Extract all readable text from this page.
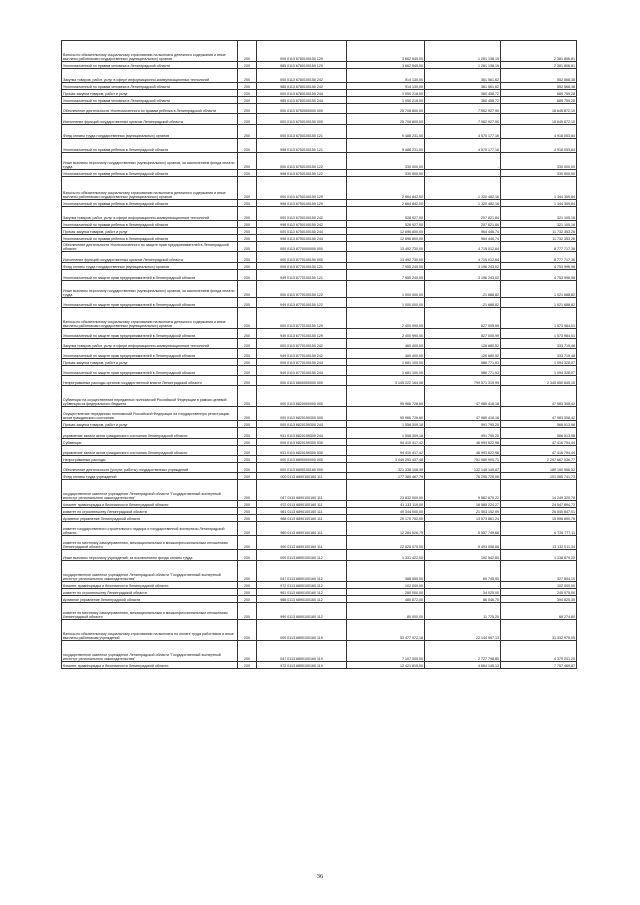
Взносы по обязательному социальному страхованию на выплаты денежного содержания и иные выплаты работникам государственных (муниципальных) органов	200	000 0113 6780100150 129	3 662 945,00	1 281 138,19	2 381 806,81
Уполномоченный по правам человека в Ленинградской области	200	985 0113 6780100150 129	3 662 945,00	1 281 138,19	2 381 806,81
Закупка товаров, работ, услуг в сфере информационно-коммуникационных технологий	200	000 0113 6780100150 242	914 130,00	361 561,62	552 568,38
Уполномоченный по правам человека в Ленинградской области	200	985 0113 6780100150 242	914 130,00	361 561,62	552 568,38
Прочая закупка товаров, работ и услуг	200	000 0113 6780100150 244	1 050 218,00	360 458,72	689 759,28
Уполномоченный по правам человека в Ленинградской области	200	985 0113 6780100150 244	1 050 218,00	360 458,72	689 759,28
Обеспечение деятельности Уполномоченного по правам ребенка в Ленинградской области	200	000 0113 6750000000 000	25 708 800,00	7 062 927,90	18 645 872,10
Исполнение функций государственных органов Ленинградской области	200	000 0113 6750100150 000	25 708 800,00	7 062 927,90	18 645 872,10
Фонд оплаты труда государственных (муниципальных) органов	200	000 0113 6750100150 121	9 488 231,00	4 570 177,16	4 918 053,84
Уполномоченный по правам ребенка в Ленинградской области	200	998 0113 6750100150 121	9 488 231,00	4 570 177,16	4 918 053,84
Иные выплаты персоналу государственных (муниципальных) органов, за исключением фонда оплаты труда	200	000 0113 6750100150 122	330 000,00	-	330 000,00
Уполномоченный по правам ребенка в Ленинградской области	200	998 0113 6750100150 122	330 000,00	-	330 000,00
Взносы по обязательному социальному страхованию на выплаты денежного содержания и иные выплаты работникам государственных (муниципальных) органов	200	000 0113 6750100150 129	2 664 842,00	1 320 482,16	1 344 359,84
Уполномоченный по правам ребенка в Ленинградской области	200	998 0113 6750100150 129	2 664 842,00	1 320 482,16	1 344 359,84
Закупка товаров, работ, услуг в сфере информационно-коммуникационных технологий	200	000 0113 6750100150 242	528 927,00	207 821,84	321 105,16
Уполномоченный по правам ребенка в Ленинградской области	200	998 0113 6750100150 242	528 927,00	207 821,84	321 105,16
Прочая закупка товаров, работ и услуг	200	000 0113 6750100150 244	12 696 800,00	964 446,74	11 732 353,26
Уполномоченный по правам ребенка в Ленинградской области	200	998 0113 6750100150 244	12 696 800,00	964 446,74	11 732 353,26
Обеспечение деятельности Уполномоченного по защите прав предпринимателей в Ленинградской области	200	000 0113 6770000000 000	13 492 730,00	4 715 012,64	8 777 717,36
Исполнение функций государственных органов Ленинградской области	200	000 0113 6770100150 000	13 492 730,00	4 715 012,64	8 777 717,36
Фонд оплаты труда государственных (муниципальных) органов	200	000 0113 6770100150 121	7 950 240,00	3 196 243,02	4 753 996,98
Уполномоченный по защите прав предпринимателей в Ленинградской области	200	949 0113 6770100150 121	7 950 240,00	3 196 243,02	4 753 996,98
Иные выплаты персоналу государственных (муниципальных) органов, за исключением фонда оплаты труда	200	000 0113 6770100150 122	1 000 000,00	-21 688,82	1 021 688,82
Уполномоченный по защите прав предпринимателей в Ленинградской области	200	949 0113 6770100150 122	1 000 000,00	-21 688,82	1 021 688,82
Взносы по обязательному социальному страхованию на выплаты денежного содержания и иные выплаты работникам государственных (муниципальных) органов	200	000 0113 6770100150 129	2 400 990,00	827 005,99	1 573 984,01
Уполномоченный по защите прав предпринимателей в Ленинградской области	200	949 0113 6770100150 129	2 400 990,00	827 005,99	1 573 984,01
Закупка товаров, работ, услуг в сфере информационно-коммуникационных технологий	200	000 0113 6770100150 242	460 400,00	126 680,52	333 719,48
Уполномоченный по защите прав предпринимателей в Ленинградской области	200	949 0113 6770100150 242	460 400,00	126 680,52	333 719,48
Прочая закупка товаров, работ и услуг	200	000 0113 6770100150 244	1 681 100,00	586 771,93	1 094 328,07
Уполномоченный по защите прав предпринимателей в Ленинградской области	200	949 0113 6770100150 244	1 681 100,00	586 771,93	1 094 328,07
Непрограммные расходы органов государственной власти Ленинградской области	200	000 0113 6800000000 000	3 145 222 164,08	799 571 319,99	2 345 650 845,10
Субвенции на осуществление переданных полномочий Российской Федерации в рамках целевой субвенции из федерального бюджета	200	000 0113 6820000000 000	95 966 726,60	47 985 418,18	47 983 308,42
Осуществление переданных полномочий Российской Федерации на государственную регистрацию актов гражданского состояния	200	000 0113 6820159300 000	95 966 726,60	47 985 418,18	47 983 308,42
Прочая закупка товаров, работ и услуг	200	000 0113 6820159300 244	1 558 309,18	991 795,20	566 513,98
управление записи актов гражданского состояния Ленинградской области	200	931 0113 6820159300 244	1 558 309,18	991 795,20	566 513,98
Субвенции	200	000 0113 6820159300 530	94 410 417,42	46 993 622,98	47 416 794,44
управление записи актов гражданского состояния Ленинградской области	200	931 0113 6820159300 530	94 410 417,42	46 993 622,98	47 416 794,44
Непрограммные расходы	200	000 0113 6890000000 000	3 049 253 437,48	751 585 900,71	2 297 667 536,77
Обеспечение деятельности (услуги, работы) государственных учреждений	200	000 0113 6890100160 000	321 338 106,39	132 145 149,87	189 190 956,52
Фонд оплаты труда учреждений	200	000 0113 6890100160 111	177 380 467,79	76 295 726,06	101 085 741,73
государственное казенное учреждение Ленинградской области "Государственный экспертный институт регионального законодательства"	200	047 0113 6890100160 111	23 832 000,00	9 582 679,22	14 249 320,78
Комитет правопорядка и безопасности Ленинградской области	200	972 0113 6890100160 111	41 133 119,00	16 585 224,27	24 547 894,73
комитет по строительству Ленинградской области	200	981 0113 6890100160 111	49 344 000,00	21 503 152,99	26 840 847,01
Архивное управление Ленинградской области	200	988 0113 6890100160 111	29 170 752,00	13 573 861,24	15 596 890,76
комитет государственного строительного надзора и государственной экспертизы Ленинградской области	200	980 0113 6890100160 111	12 284 526,79	5 557 749,68	6 726 777,11
комитет по местному самоуправлению, межнациональным и межконфессиональным отношениям Ленинградской области	200	990 0113 6890100160 111	22 625 070,00	9 493 058,66	13 132 011,34
Иные выплаты персоналу учреждений, за исключением фонда оплаты труда	200	000 0113 6890100160 112	1 331 422,00	192 542,80	1 138 879,20
государственное казенное учреждение Ленинградской области "Государственный экспертный институт регионального законодательства"	200	047 0113 6890100160 112	388 550,00	60 745,90	327 804,10
Комитет правопорядка и безопасности Ленинградской области	200	972 0113 6890100160 112	102 000,00	-	102 000,00
комитет по строительству Ленинградской области	200	981 0113 6890100160 112	280 000,00	34 025,00	245 975,00
Архивное управление Ленинградской области	200	988 0113 6890100160 112	480 872,00	86 046,70	394 825,30
комитет по местному самоуправлению, межнациональным и межконфессиональным отношениям Ленинградской области	200	990 0113 6890100160 112	80 000,00	11 725,20	68 274,80
Взносы по обязательному социальному страхованию на выплаты по оплате труда работников и иные выплаты работникам учреждений	200	000 0113 6890100160 119	53 477 972,18	22 144 997,13	31 332 975,05
государственное казенное учреждение Ленинградской области "Государственный экспертный институт регионального законодательства"	200	047 0113 6890100160 119	7 107 000,00	2 727 798,80	4 379 201,20
Комитет правопорядка и безопасности Ленинградской области	200	972 0113 6890100160 119	12 421 615,00	4 664 145,13	7 757 469,87
36
